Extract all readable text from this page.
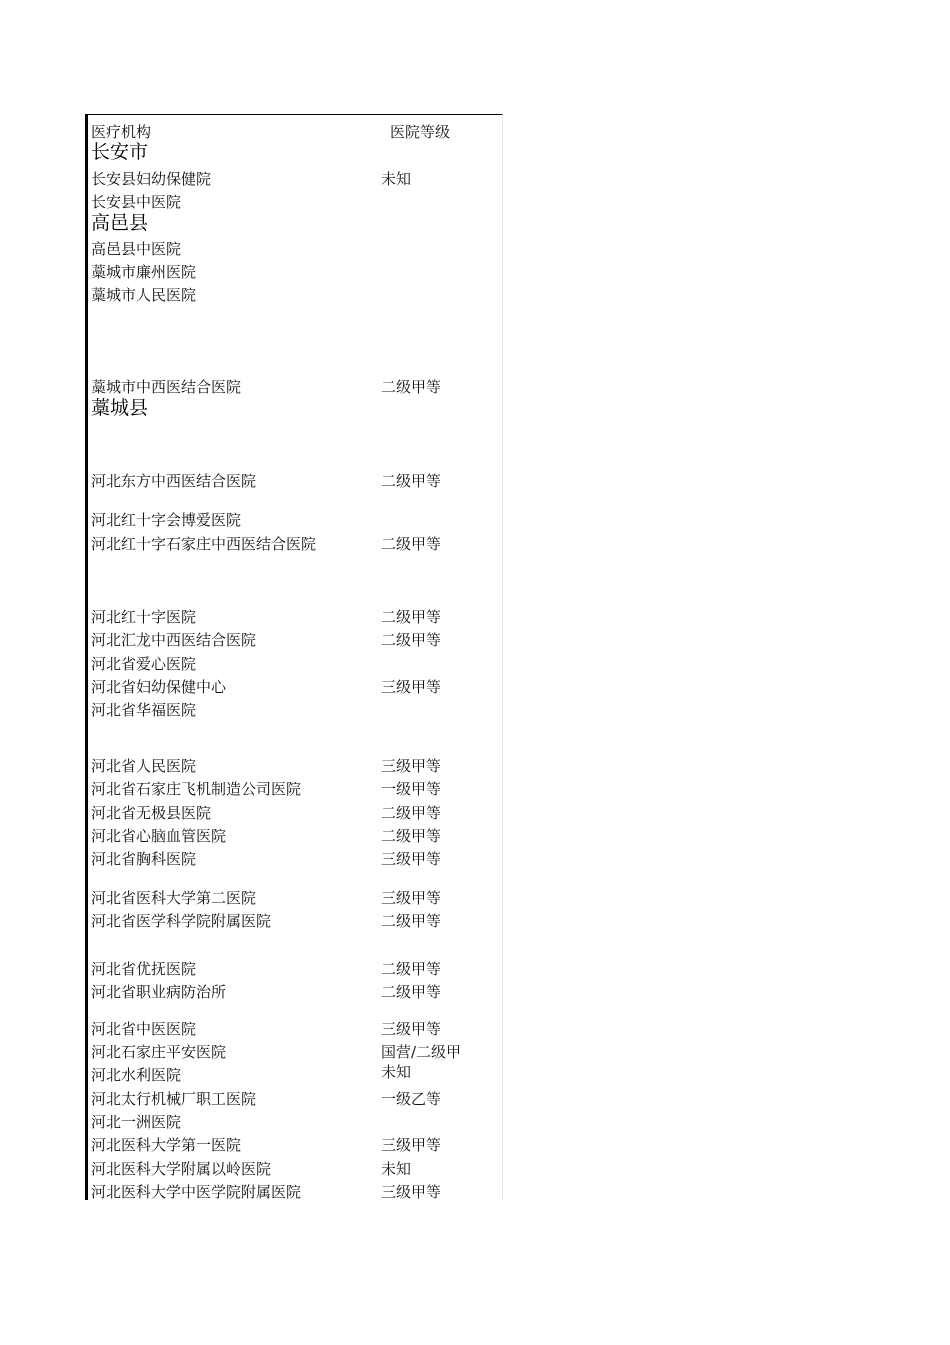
医疗机构	医院等级
长安市
长安县妇幼保健院	未知
长安县中医院
高邑县
高邑县中医院
藁城市廉州医院
藁城市人民医院
藁城市中西医结合医院	二级甲等
藁城县
河北东方中西医结合医院	二级甲等
河北红十字会博爱医院
河北红十字石家庄中西医结合医院	二级甲等
河北红十字医院	二级甲等
河北汇龙中西医结合医院	二级甲等
河北省爱心医院
河北省妇幼保健中心	三级甲等
河北省华福医院
河北省人民医院	三级甲等
河北省石家庄飞机制造公司医院	一级甲等
河北省无极县医院	二级甲等
河北省心脑血管医院	二级甲等
河北省胸科医院	三级甲等
河北省医科大学第二医院	三级甲等
河北省医学科学院附属医院	二级甲等
河北省优抚医院	二级甲等
河北省职业病防治所	二级甲等
河北省中医医院	三级甲等
河北石家庄平安医院	国营/二级甲
河北水利医院	未知
河北太行机械厂职工医院	一级乙等
河北一洲医院
河北医科大学第一医院	三级甲等
河北医科大学附属以岭医院	未知
河北医科大学中医学院附属医院	三级甲等
